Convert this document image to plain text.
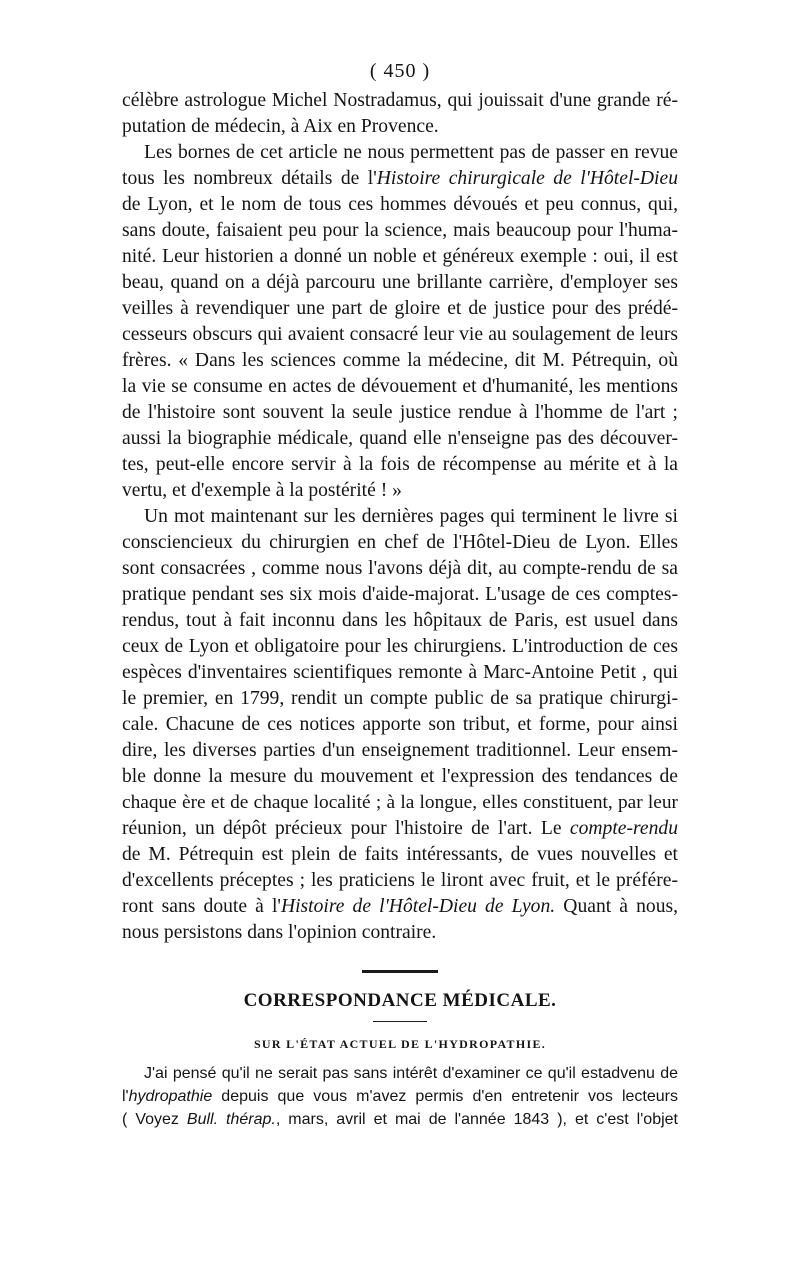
( 450 )
célèbre astrologue Michel Nostradamus, qui jouissait d'une grande ré-
putation de médecin, à Aix en Provence.
Les bornes de cet article ne nous permettent pas de passer en revue
tous les nombreux détails de l'Histoire chirurgicale de l'Hôtel-Dieu
de Lyon, et le nom de tous ces hommes dévoués et peu connus, qui,
sans doute, faisaient peu pour la science, mais beaucoup pour l'huma-
nité. Leur historien a donné un noble et généreux exemple : oui, il est
beau, quand on a déjà parcouru une brillante carrière, d'employer ses
veilles à revendiquer une part de gloire et de justice pour des prédé-
cesseurs obscurs qui avaient consacré leur vie au soulagement de leurs
frères. « Dans les sciences comme la médecine, dit M. Pétrequin, où
la vie se consume en actes de dévouement et d'humanité, les mentions
de l'histoire sont souvent la seule justice rendue à l'homme de l'art ;
aussi la biographie médicale, quand elle n'enseigne pas des découver-
tes, peut-elle encore servir à la fois de récompense au mérite et à la
vertu, et d'exemple à la postérité ! »
Un mot maintenant sur les dernières pages qui terminent le livre si
consciencieux du chirurgien en chef de l'Hôtel-Dieu de Lyon. Elles
sont consacrées , comme nous l'avons déjà dit, au compte-rendu de sa
pratique pendant ses six mois d'aide-majorat. L'usage de ces comptes-
rendus, tout à fait inconnu dans les hôpitaux de Paris, est usuel dans
ceux de Lyon et obligatoire pour les chirurgiens. L'introduction de ces
espèces d'inventaires scientifiques remonte à Marc-Antoine Petit , qui
le premier, en 1799, rendit un compte public de sa pratique chirurgi-
cale. Chacune de ces notices apporte son tribut, et forme, pour ainsi
dire, les diverses parties d'un enseignement traditionnel. Leur ensem-
ble donne la mesure du mouvement et l'expression des tendances de
chaque ère et de chaque localité ; à la longue, elles constituent, par leur
réunion, un dépôt précieux pour l'histoire de l'art. Le compte-rendu
de M. Pétrequin est plein de faits intéressants, de vues nouvelles et
d'excellents préceptes ; les praticiens le liront avec fruit, et le préfére-
ront sans doute à l'Histoire de l'Hôtel-Dieu de Lyon. Quant à nous,
nous persistons dans l'opinion contraire.
CORRESPONDANCE MÉDICALE.
SUR L'ÉTAT ACTUEL DE L'HYDROPATHIE.
J'ai pensé qu'il ne serait pas sans intérêt d'examiner ce qu'il estadvenu de
l'hydropathie depuis que vous m'avez permis d'en entretenir vos lecteurs
( Voyez Bull. thérap., mars, avril et mai de l'année 1843 ), et c'est l'objet
